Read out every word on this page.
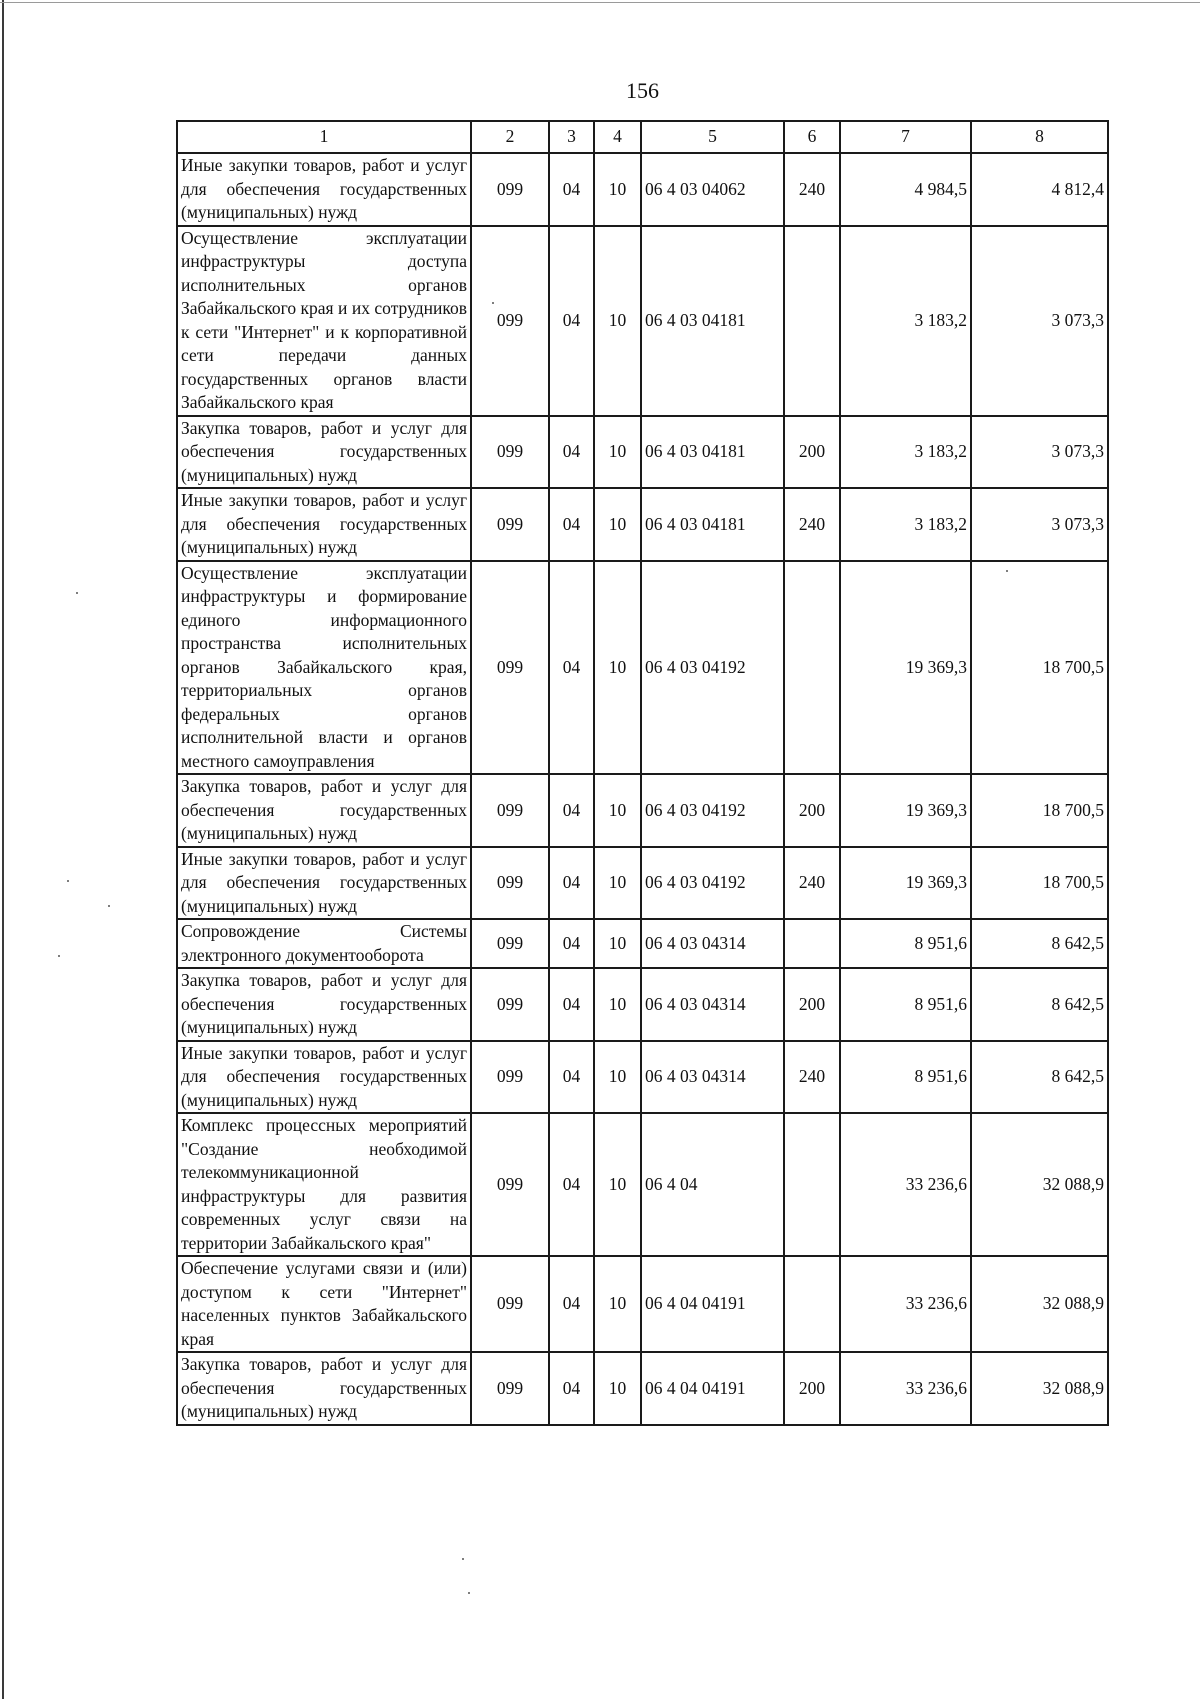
156
1	2	3	4	5	6	7	8
Иные закупки товаров, работ и услуг для обеспечения государственных (муниципальных) нужд	099	04	10	06 4 03 04062	240	4 984,5	4 812,4
Осуществление эксплуатации инфраструктуры доступа исполнительных органов Забайкальского края и их сотрудников к сети "Интернет" и к корпоративной сети передачи данных государственных органов власти Забайкальского края	099	04	10	06 4 03 04181		3 183,2	3 073,3
Закупка товаров, работ и услуг для обеспечения государственных (муниципальных) нужд	099	04	10	06 4 03 04181	200	3 183,2	3 073,3
Иные закупки товаров, работ и услуг для обеспечения государственных (муниципальных) нужд	099	04	10	06 4 03 04181	240	3 183,2	3 073,3
Осуществление эксплуатации инфраструктуры и формирование единого информационного пространства исполнительных органов Забайкальского края, территориальных органов федеральных органов исполнительной власти и органов местного самоуправления	099	04	10	06 4 03 04192		19 369,3	18 700,5
Закупка товаров, работ и услуг для обеспечения государственных (муниципальных) нужд	099	04	10	06 4 03 04192	200	19 369,3	18 700,5
Иные закупки товаров, работ и услуг для обеспечения государственных (муниципальных) нужд	099	04	10	06 4 03 04192	240	19 369,3	18 700,5
Сопровождение Системы электронного документооборота	099	04	10	06 4 03 04314		8 951,6	8 642,5
Закупка товаров, работ и услуг для обеспечения государственных (муниципальных) нужд	099	04	10	06 4 03 04314	200	8 951,6	8 642,5
Иные закупки товаров, работ и услуг для обеспечения государственных (муниципальных) нужд	099	04	10	06 4 03 04314	240	8 951,6	8 642,5
Комплекс процессных мероприятий "Создание необходимой телекоммуникационной инфраструктуры для развития современных услуг связи на территории Забайкальского края"	099	04	10	06 4 04		33 236,6	32 088,9
Обеспечение услугами связи и (или) доступом к сети "Интернет" населенных пунктов Забайкальского края	099	04	10	06 4 04 04191		33 236,6	32 088,9
Закупка товаров, работ и услуг для обеспечения государственных (муниципальных) нужд	099	04	10	06 4 04 04191	200	33 236,6	32 088,9
